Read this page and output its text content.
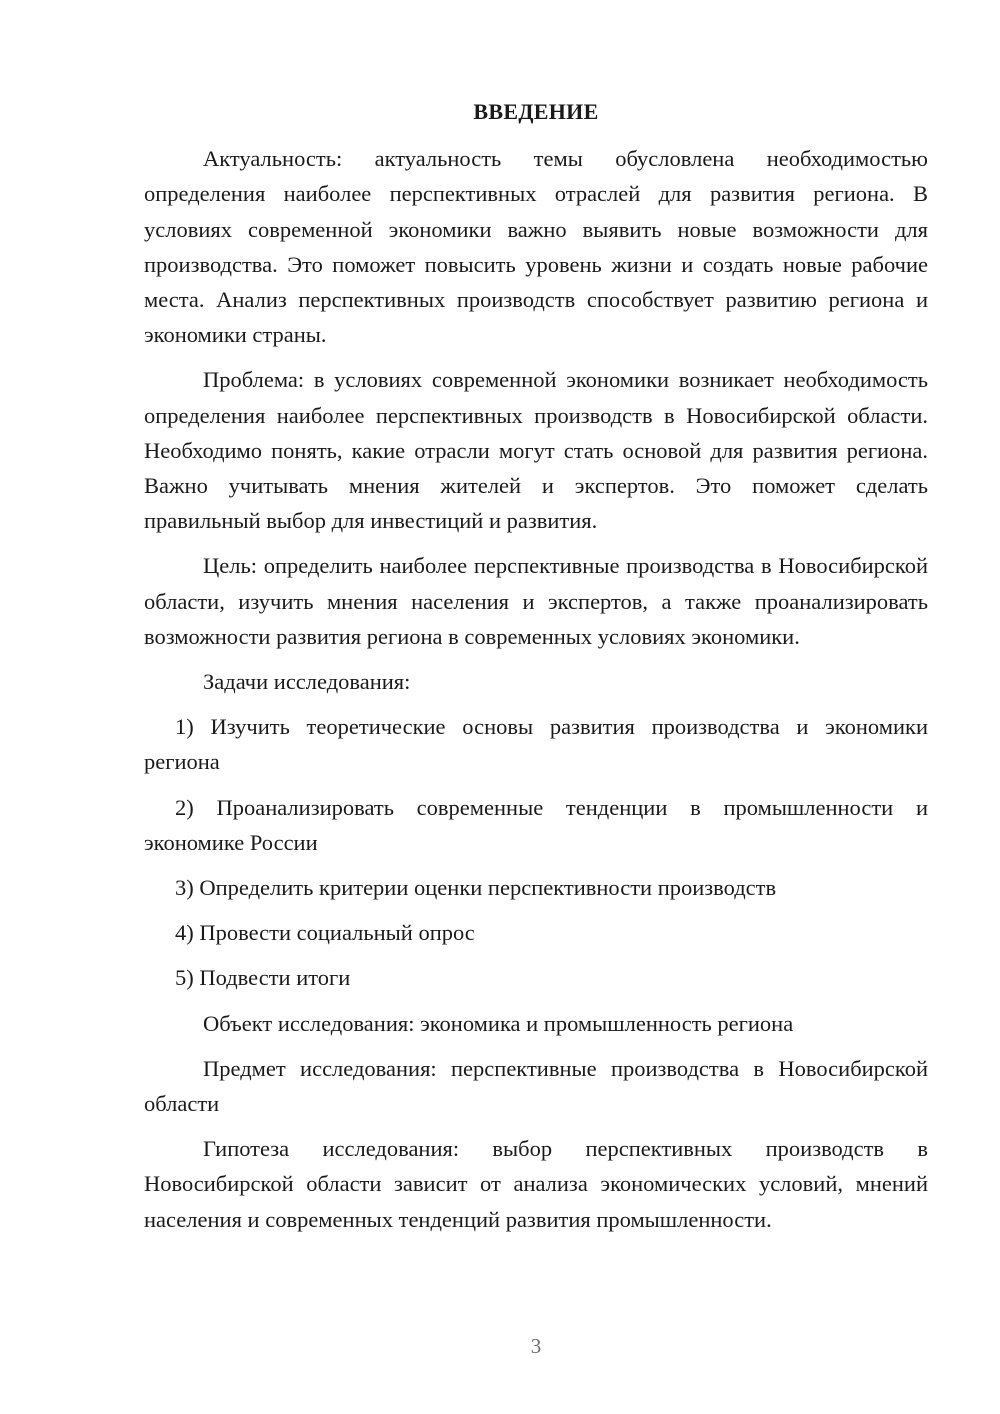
ВВЕДЕНИЕ

Актуальность: актуальность темы обусловлена необходимостью определения наиболее перспективных отраслей для развития региона. В условиях современной экономики важно выявить новые возможности для производства. Это поможет повысить уровень жизни и создать новые рабочие места. Анализ перспективных производств способствует развитию региона и экономики страны.

Проблема: в условиях современной экономики возникает необходимость определения наиболее перспективных производств в Новосибирской области. Необходимо понять, какие отрасли могут стать основой для развития региона. Важно учитывать мнения жителей и экспертов. Это поможет сделать правильный выбор для инвестиций и развития.

Цель: определить наиболее перспективные производства в Новосибирской области, изучить мнения населения и экспертов, а также проанализировать возможности развития региона в современных условиях экономики.

Задачи исследования:

1) Изучить теоретические основы развития производства и экономики региона

2) Проанализировать современные тенденции в промышленности и экономике России

3) Определить критерии оценки перспективности производств

4) Провести социальный опрос

5) Подвести итоги

Объект исследования: экономика и промышленность региона

Предмет исследования: перспективные производства в Новосибирской области

Гипотеза исследования: выбор перспективных производств в Новосибирской области зависит от анализа экономических условий, мнений населения и современных тенденций развития промышленности.

3
